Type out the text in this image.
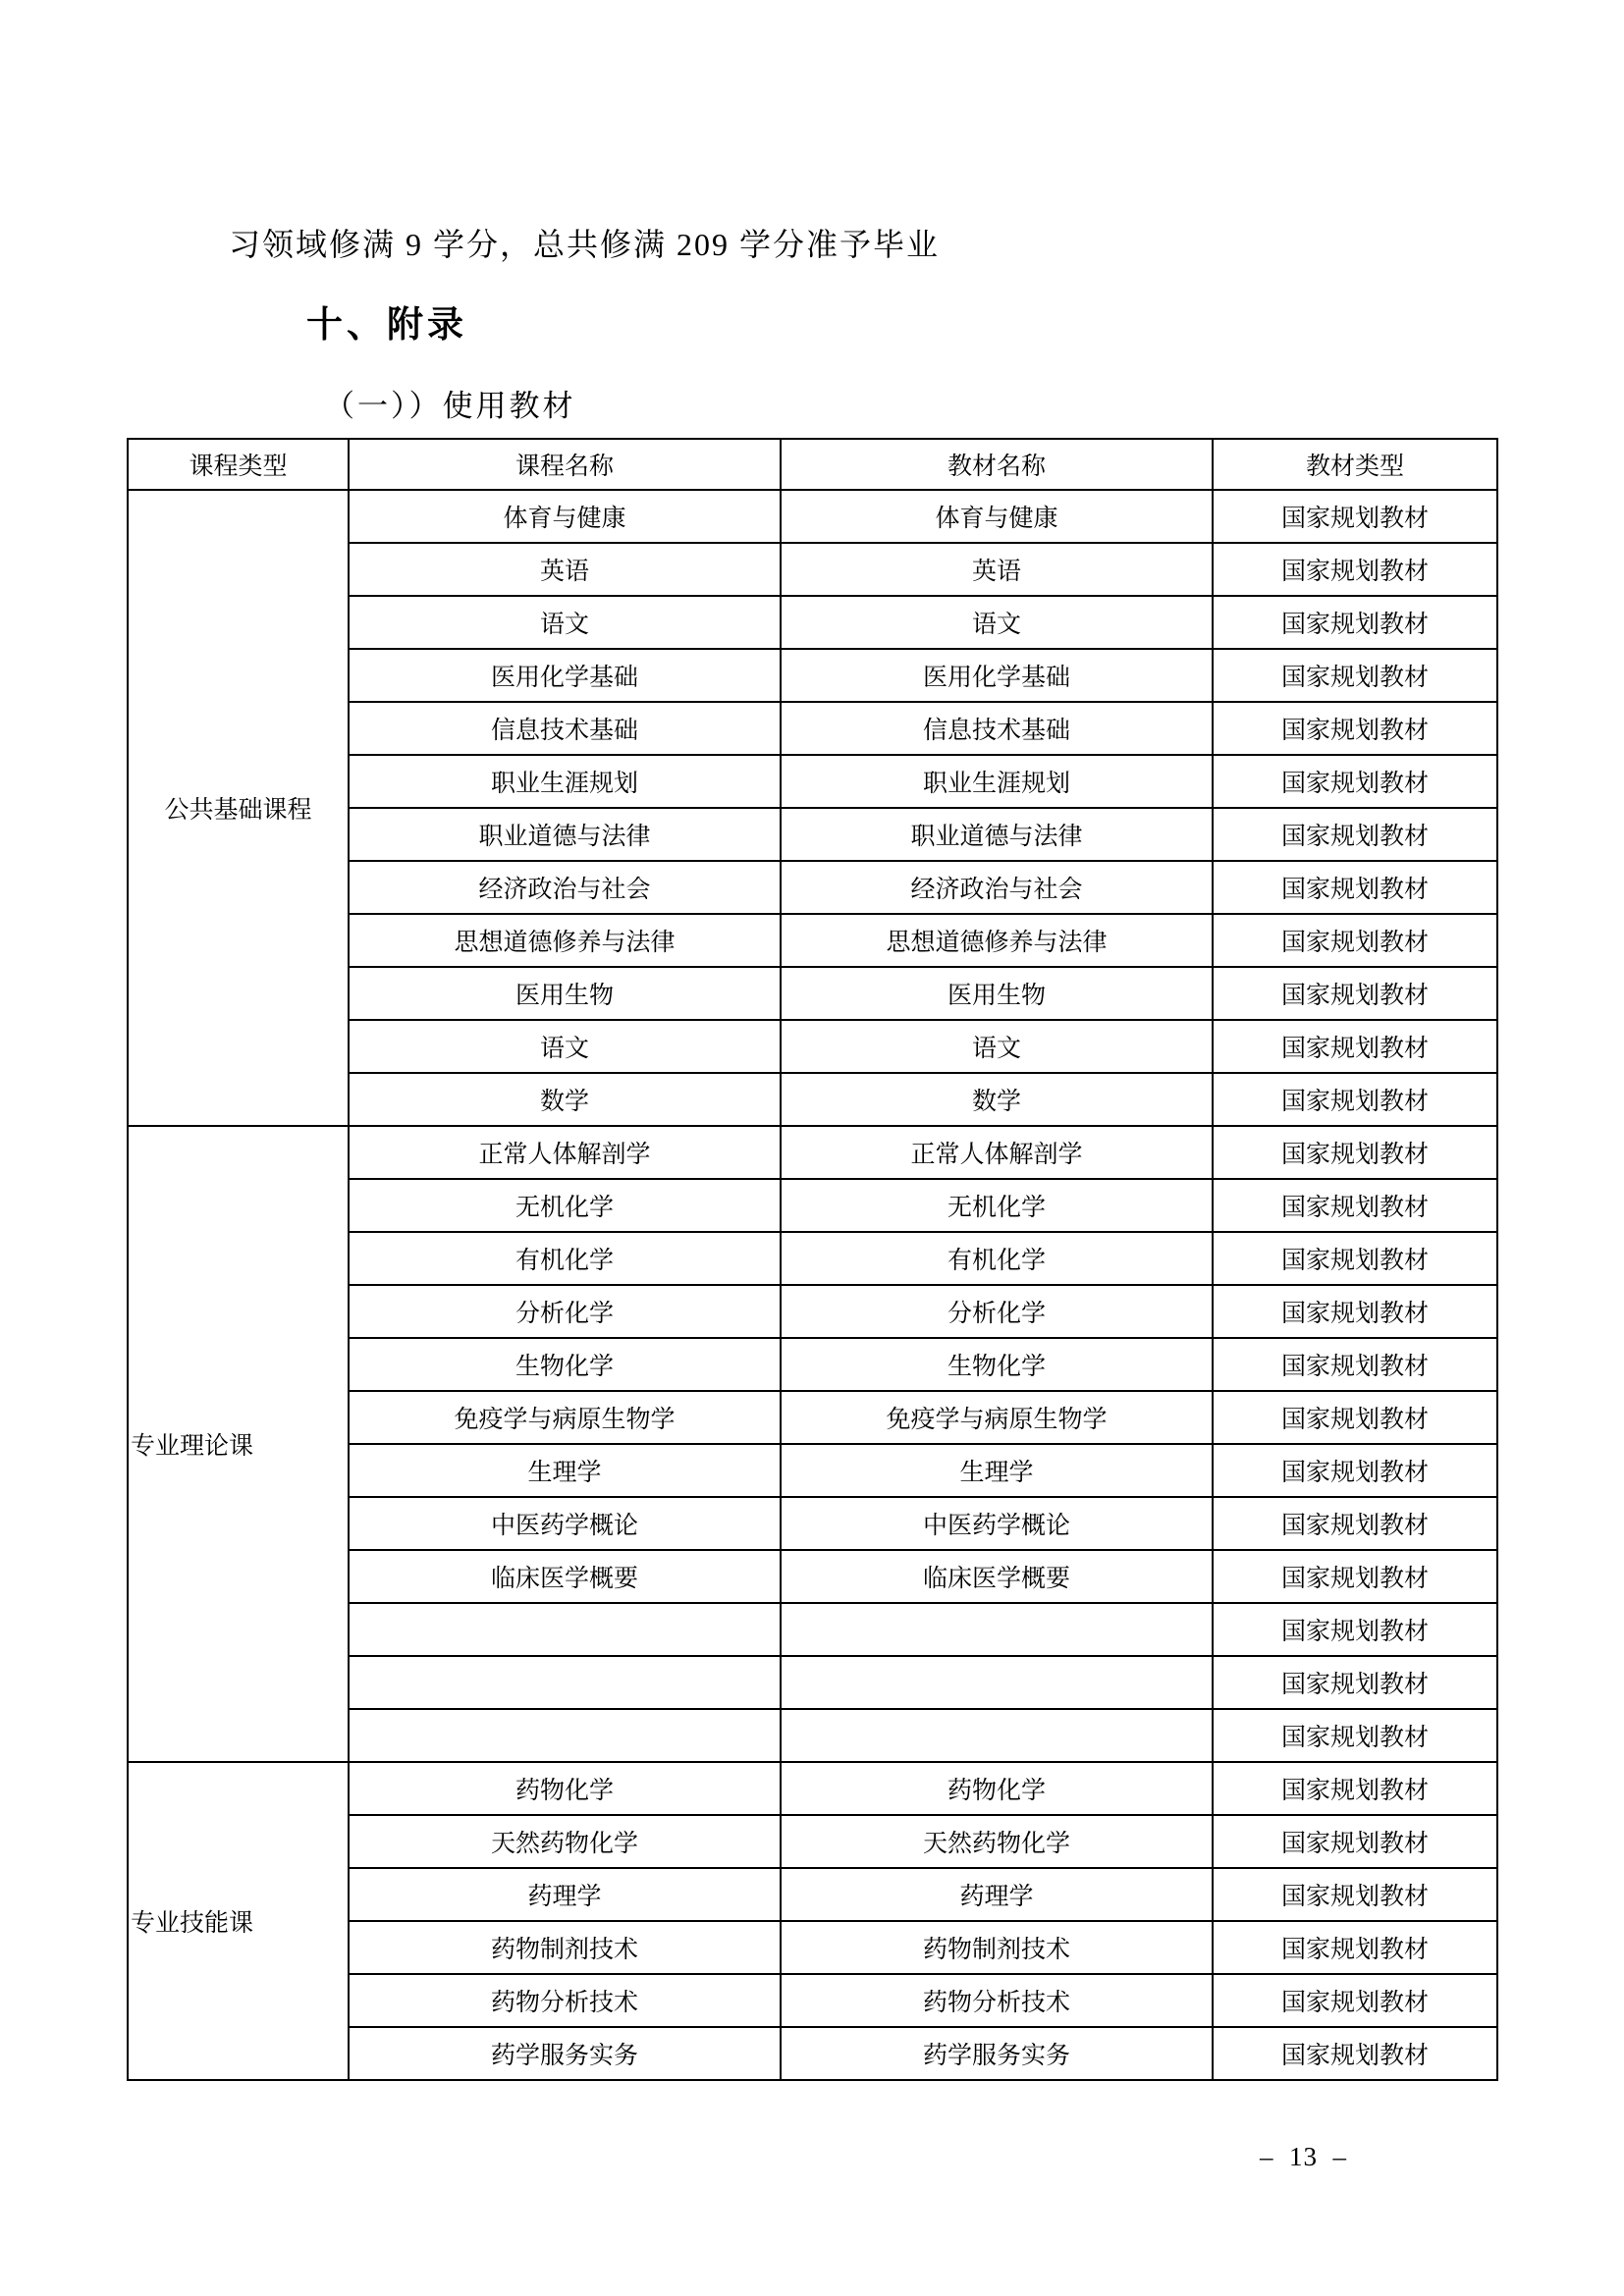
习领域修满 9 学分，总共修满 209 学分准予毕业
十、附录
（一））使用教材
课程类型	课程名称	教材名称	教材类型
公共基础课程	体育与健康	体育与健康	国家规划教材
	英语	英语	国家规划教材
	语文	语文	国家规划教材
	医用化学基础	医用化学基础	国家规划教材
	信息技术基础	信息技术基础	国家规划教材
	职业生涯规划	职业生涯规划	国家规划教材
	职业道德与法律	职业道德与法律	国家规划教材
	经济政治与社会	经济政治与社会	国家规划教材
	思想道德修养与法律	思想道德修养与法律	国家规划教材
	医用生物	医用生物	国家规划教材
	语文	语文	国家规划教材
	数学	数学	国家规划教材
专业理论课	正常人体解剖学	正常人体解剖学	国家规划教材
	无机化学	无机化学	国家规划教材
	有机化学	有机化学	国家规划教材
	分析化学	分析化学	国家规划教材
	生物化学	生物化学	国家规划教材
	免疫学与病原生物学	免疫学与病原生物学	国家规划教材
	生理学	生理学	国家规划教材
	中医药学概论	中医药学概论	国家规划教材
	临床医学概要	临床医学概要	国家规划教材
			国家规划教材
			国家规划教材
			国家规划教材
专业技能课	药物化学	药物化学	国家规划教材
	天然药物化学	天然药物化学	国家规划教材
	药理学	药理学	国家规划教材
	药物制剂技术	药物制剂技术	国家规划教材
	药物分析技术	药物分析技术	国家规划教材
	药学服务实务	药学服务实务	国家规划教材
–  13  –
